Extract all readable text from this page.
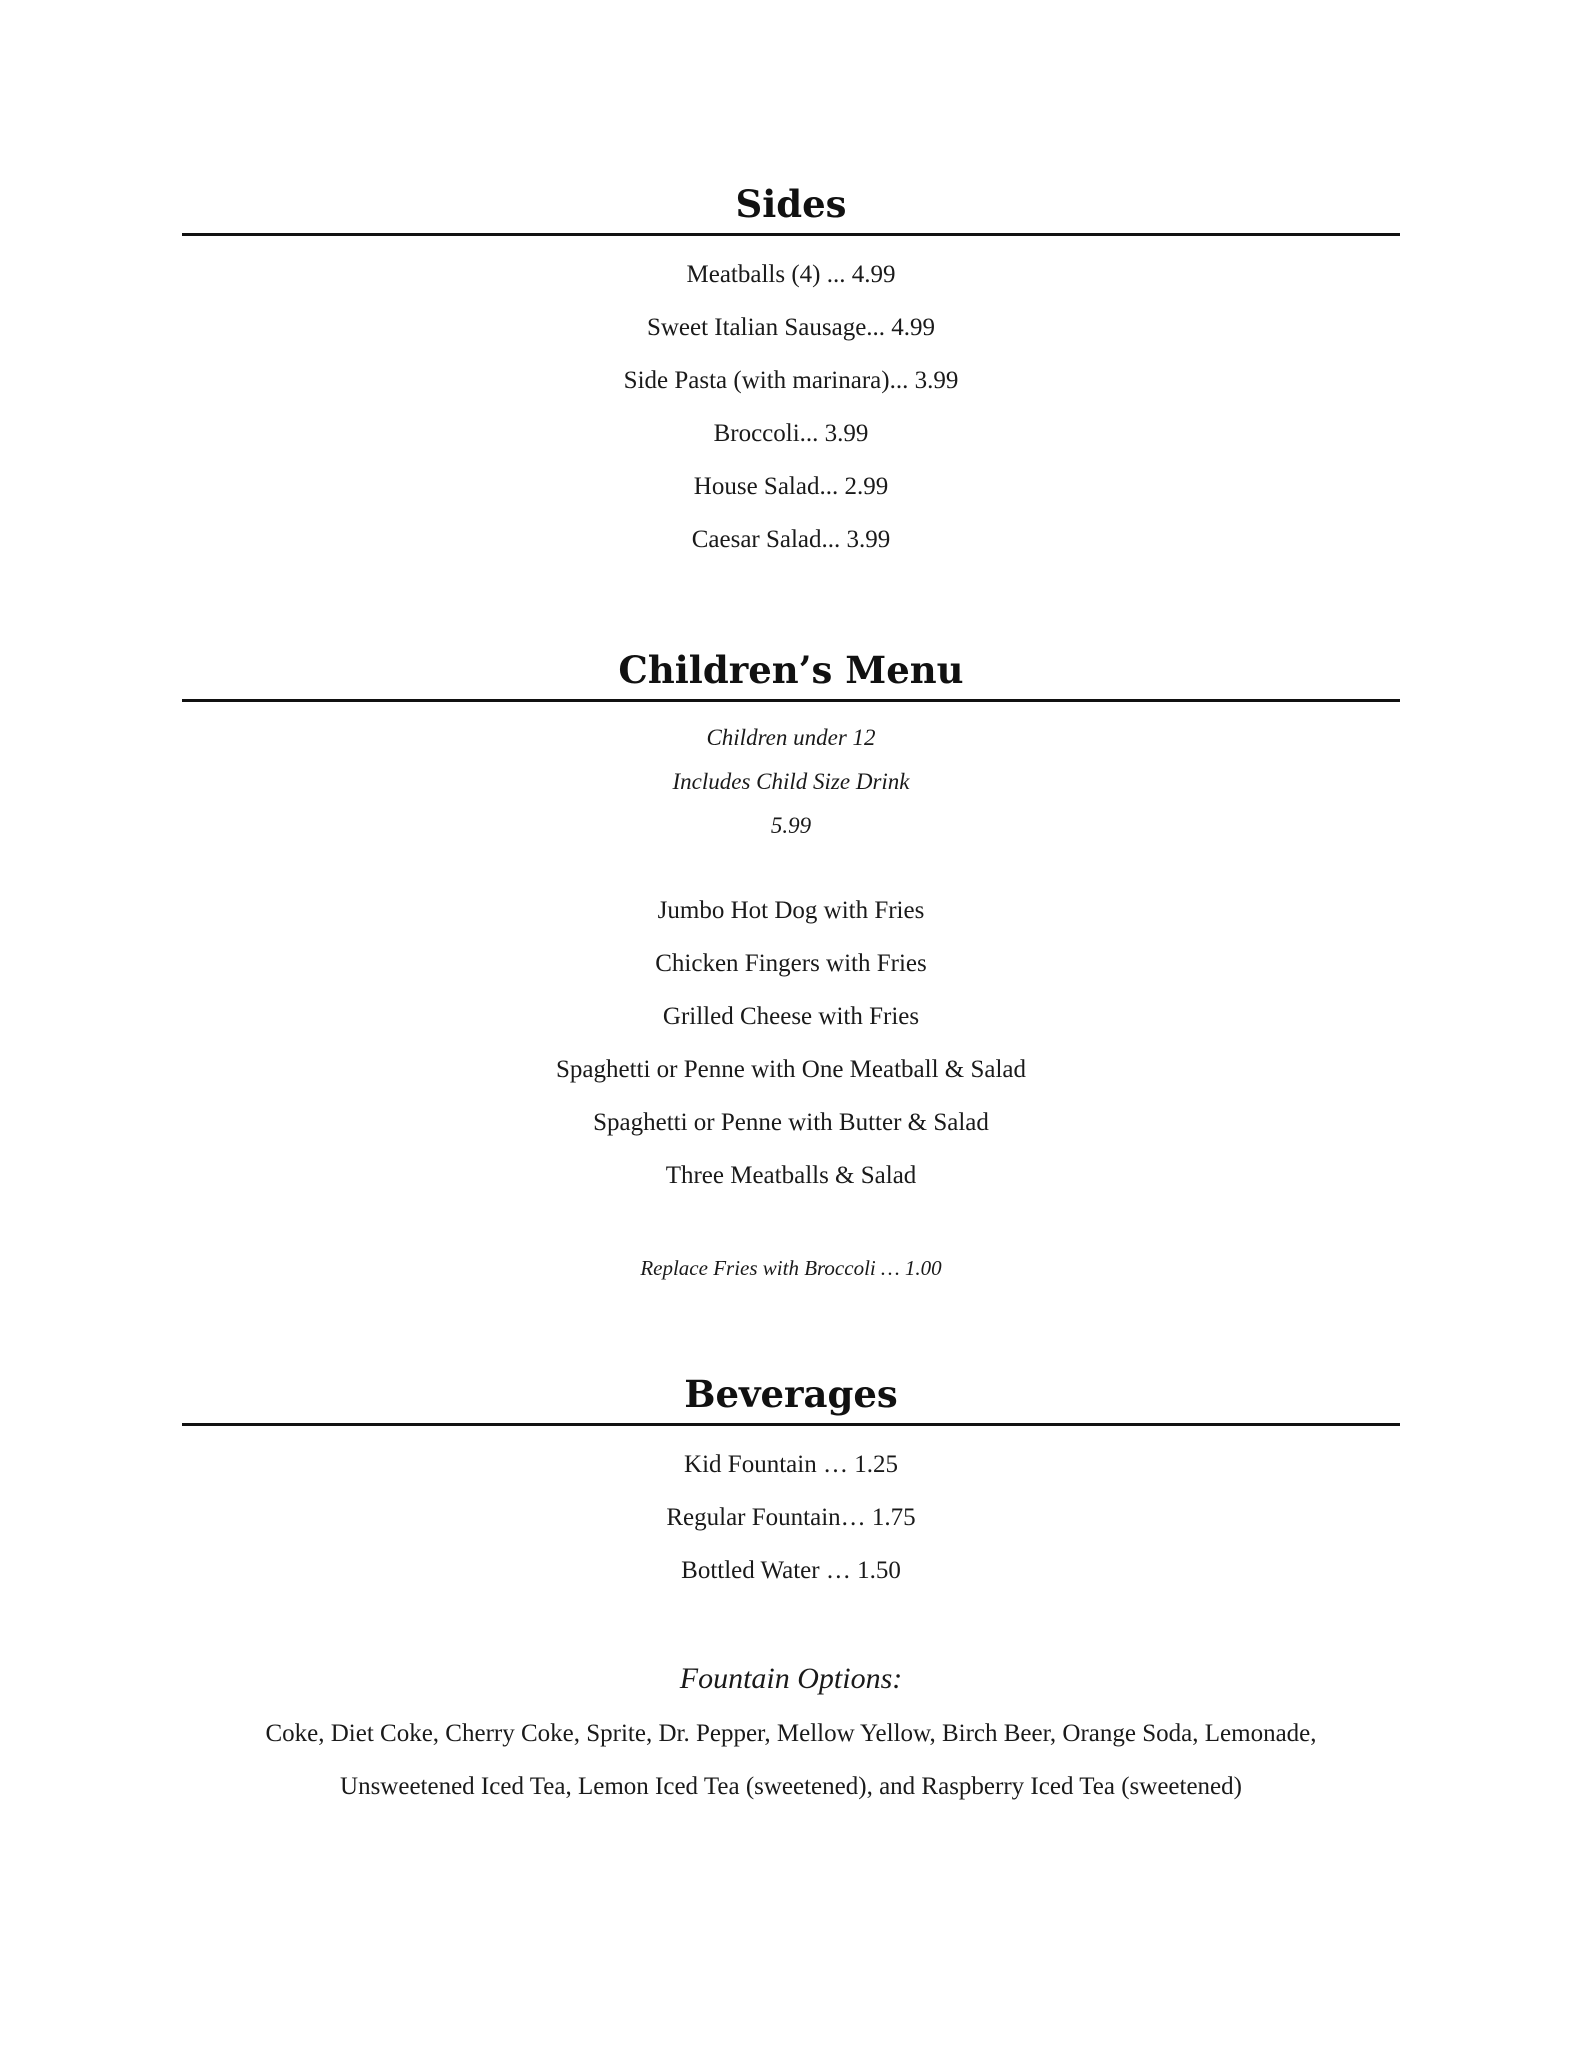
Sides
Meatballs (4) ... 4.99
Sweet Italian Sausage... 4.99
Side Pasta (with marinara)... 3.99
Broccoli... 3.99
House Salad... 2.99
Caesar Salad... 3.99
Children’s Menu
Children under 12
Includes Child Size Drink
5.99
Jumbo Hot Dog with Fries
Chicken Fingers with Fries
Grilled Cheese with Fries
Spaghetti or Penne with One Meatball & Salad
Spaghetti or Penne with Butter & Salad
Three Meatballs & Salad
Replace Fries with Broccoli … 1.00
Beverages
Kid Fountain … 1.25
Regular Fountain… 1.75
Bottled Water … 1.50
Fountain Options:
Coke, Diet Coke, Cherry Coke, Sprite, Dr. Pepper, Mellow Yellow, Birch Beer, Orange Soda, Lemonade,
Unsweetened Iced Tea, Lemon Iced Tea (sweetened), and Raspberry Iced Tea (sweetened)
